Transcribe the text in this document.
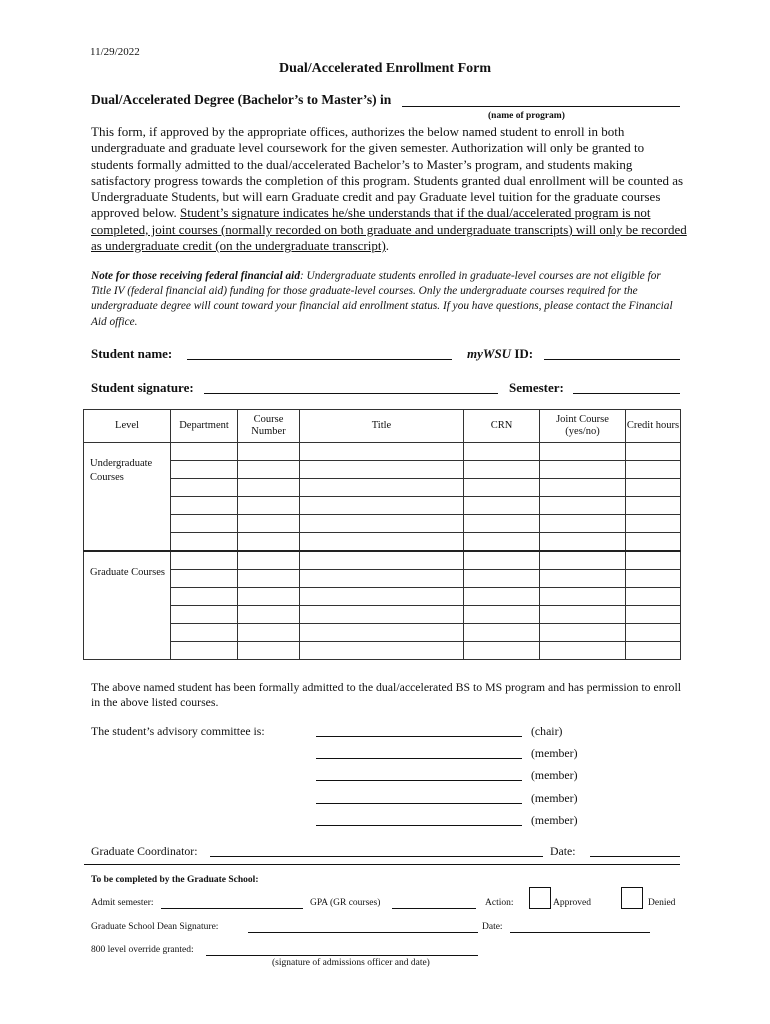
11/29/2022
Dual/Accelerated Enrollment Form
Dual/Accelerated Degree (Bachelor’s to Master’s) in
(name of program)
This form, if approved by the appropriate offices, authorizes the below named student to enroll in both undergraduate and graduate level coursework for the given semester. Authorization will only be granted to students formally admitted to the dual/accelerated Bachelor’s to Master’s program, and students making satisfactory progress towards the completion of this program. Students granted dual enrollment will be counted as Undergraduate Students, but will earn Graduate credit and pay Graduate level tuition for the graduate courses approved below. Student’s signature indicates he/she understands that if the dual/accelerated program is not completed, joint courses (normally recorded on both graduate and undergraduate transcripts) will only be recorded as undergraduate credit (on the undergraduate transcript).
Note for those receiving federal financial aid: Undergraduate students enrolled in graduate-level courses are not eligible for Title IV (federal financial aid) funding for those graduate-level courses. Only the undergraduate courses required for the undergraduate degree will count toward your financial aid enrollment status. If you have questions, please contact the Financial Aid office.
Student name:	myWSU ID:
Student signature:	Semester:
Level	Department	Course Number	Title	CRN	Joint Course (yes/no)	Credit hours
Undergraduate Courses						

Graduate Courses						

The above named student has been formally admitted to the dual/accelerated BS to MS program and has permission to enroll in the above listed courses.
The student’s advisory committee is:	(chair)
(member)
(member)
(member)
(member)
Graduate Coordinator:	Date:
To be completed by the Graduate School:
Admit semester:	GPA (GR courses)	Action:	Approved	Denied
Graduate School Dean Signature:	Date:
800 level override granted:
(signature of admissions officer and date)
